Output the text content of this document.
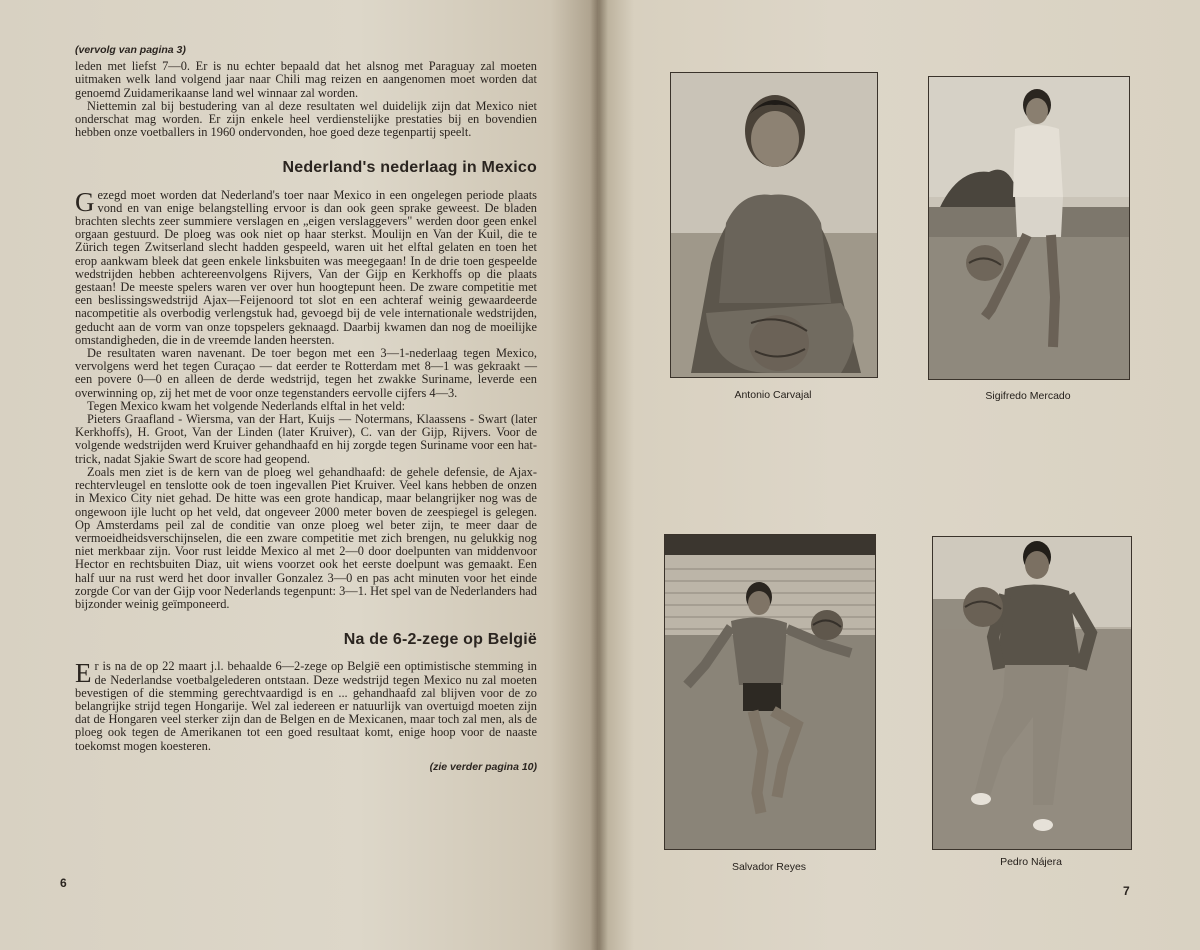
(vervolg van pagina 3)

leden met liefst 7—0. Er is nu echter bepaald dat het alsnog met Paraguay zal moeten uitmaken welk land volgend jaar naar Chili mag reizen en aangenomen moet worden dat genoemd Zuidamerikaanse land wel winnaar zal worden.

Niettemin zal bij bestudering van al deze resultaten wel duidelijk zijn dat Mexico niet onderschat mag worden. Er zijn enkele heel verdienstelijke prestaties bij en bovendien hebben onze voetballers in 1960 ondervonden, hoe goed deze tegenpartij speelt.

Nederland's nederlaag in Mexico

Gezegd moet worden dat Nederland's toer naar Mexico in een ongelegen periode plaats vond en van enige belangstelling ervoor is dan ook geen sprake geweest. De bladen brachten slechts zeer summiere verslagen en „eigen verslaggevers" werden door geen enkel orgaan gestuurd. De ploeg was ook niet op haar sterkst. Moulijn en Van der Kuil, die te Zürich tegen Zwitserland slecht hadden gespeeld, waren uit het elftal gelaten en toen het erop aankwam bleek dat geen enkele linksbuiten was meegegaan! In de drie toen gespeelde wedstrijden hebben achtereenvolgens Rijvers, Van der Gijp en Kerkhoffs op die plaats gestaan! De meeste spelers waren ver over hun hoogtepunt heen. De zware competitie met een beslissingswedstrijd Ajax—Feijenoord tot slot en een achteraf weinig gewaardeerde nacompetitie als overbodig verlengstuk had, gevoegd bij de vele internationale wedstrijden, geducht aan de vorm van onze topspelers geknaagd. Daarbij kwamen dan nog de moeilijke omstandigheden, die in de vreemde landen heersten.

De resultaten waren navenant. De toer begon met een 3—1-nederlaag tegen Mexico, vervolgens werd het tegen Curaçao — dat eerder te Rotterdam met 8—1 was gekraakt — een povere 0—0 en alleen de derde wedstrijd, tegen het zwakke Suriname, leverde een overwinning op, zij het met de voor onze tegenstanders eervolle cijfers 4—3.

Tegen Mexico kwam het volgende Nederlands elftal in het veld:

Pieters Graafland - Wiersma, van der Hart, Kuijs — Notermans, Klaassens - Swart (later Kerkhoffs), H. Groot, Van der Linden (later Kruiver), C. van der Gijp, Rijvers. Voor de volgende wedstrijden werd Kruiver gehandhaafd en hij zorgde tegen Suriname voor een hat-trick, nadat Sjakie Swart de score had geopend.

Zoals men ziet is de kern van de ploeg wel gehandhaafd: de gehele defensie, de Ajax-rechtervleugel en tenslotte ook de toen ingevallen Piet Kruiver. Veel kans hebben de onzen in Mexico City niet gehad. De hitte was een grote handicap, maar belangrijker nog was de ongewoon ijle lucht op het veld, dat ongeveer 2000 meter boven de zeespiegel is gelegen. Op Amsterdams peil zal de conditie van onze ploeg wel beter zijn, te meer daar de vermoeidheidsverschijnselen, die een zware competitie met zich brengen, nu gelukkig nog niet merkbaar zijn. Voor rust leidde Mexico al met 2—0 door doelpunten van middenvoor Hector en rechtsbuiten Diaz, uit wiens voorzet ook het eerste doelpunt was gemaakt. Een half uur na rust werd het door invaller Gonzalez 3—0 en pas acht minuten voor het einde zorgde Cor van der Gijp voor Nederlands tegenpunt: 3—1. Het spel van de Nederlanders had bijzonder weinig geïmponeerd.

Na de 6-2-zege op België

Er is na de op 22 maart j.l. behaalde 6—2-zege op België een optimistische stemming in de Nederlandse voetbalgelederen ontstaan. Deze wedstrijd tegen Mexico nu zal moeten bevestigen of die stemming gerechtvaardigd is en ... gehandhaafd zal blijven voor de zo belangrijke strijd tegen Hongarije. Wel zal iedereen er natuurlijk van overtuigd moeten zijn dat de Hongaren veel sterker zijn dan de Belgen en de Mexicanen, maar toch zal men, als de ploeg ook tegen de Amerikanen tot een goed resultaat komt, enige hoop voor de naaste toekomst mogen koesteren.

(zie verder pagina 10)
6
Antonio Carvajal	Sigifredo Mercado
Salvador Reyes	Pedro Nájera
7
